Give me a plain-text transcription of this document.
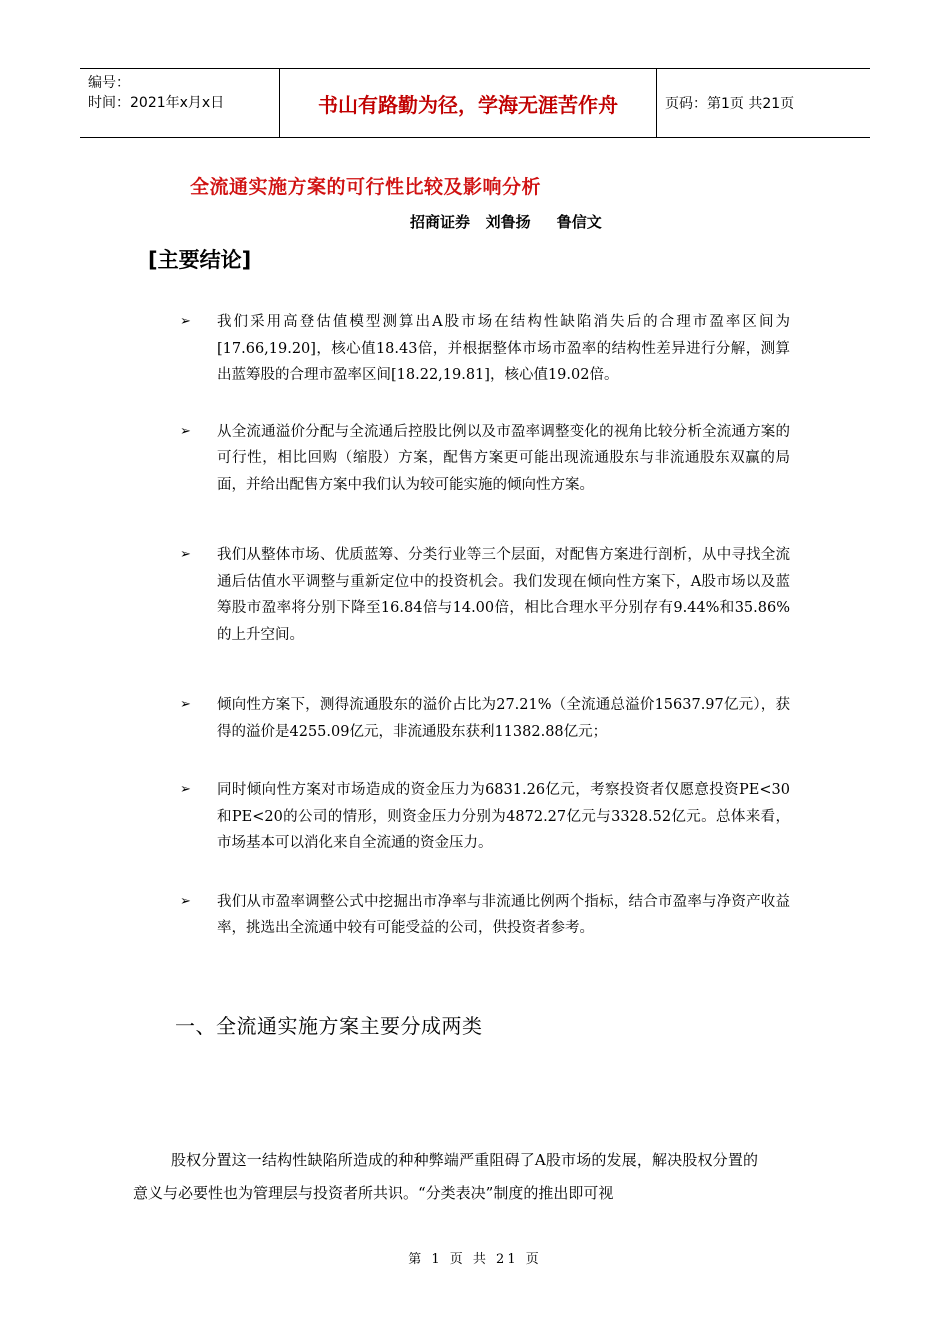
编号：
时间：2021年x月x日	书山有路勤为径，学海无涯苦作舟	页码：第1页 共21页
全流通实施方案的可行性比较及影响分析
招商证券   刘鲁扬     鲁信文
[主要结论]
➢ 我们采用高登估值模型测算出A股市场在结构性缺陷消失后的合理市盈率区间为[17.66,19.20]，核心值18.43倍，并根据整体市场市盈率的结构性差异进行分解，测算出蓝筹股的合理市盈率区间[18.22,19.81]，核心值19.02倍。
➢ 从全流通溢价分配与全流通后控股比例以及市盈率调整变化的视角比较分析全流通方案的可行性，相比回购（缩股）方案，配售方案更可能出现流通股东与非流通股东双赢的局面，并给出配售方案中我们认为较可能实施的倾向性方案。
➢ 我们从整体市场、优质蓝筹、分类行业等三个层面，对配售方案进行剖析，从中寻找全流通后估值水平调整与重新定位中的投资机会。我们发现在倾向性方案下，A股市场以及蓝筹股市盈率将分别下降至16.84倍与14.00倍，相比合理水平分别存有9.44%和35.86%的上升空间。
➢ 倾向性方案下，测得流通股东的溢价占比为27.21%（全流通总溢价15637.97亿元），获得的溢价是4255.09亿元，非流通股东获利11382.88亿元；
➢ 同时倾向性方案对市场造成的资金压力为6831.26亿元，考察投资者仅愿意投资PE<30和PE<20的公司的情形，则资金压力分别为4872.27亿元与3328.52亿元。总体来看，市场基本可以消化来自全流通的资金压力。
➢ 我们从市盈率调整公式中挖掘出市净率与非流通比例两个指标，结合市盈率与净资产收益率，挑选出全流通中较有可能受益的公司，供投资者参考。
一、全流通实施方案主要分成两类
股权分置这一结构性缺陷所造成的种种弊端严重阻碍了A股市场的发展，解决股权分置的意义与必要性也为管理层与投资者所共识。“分类表决”制度的推出即可视
第 1 页 共 21 页
